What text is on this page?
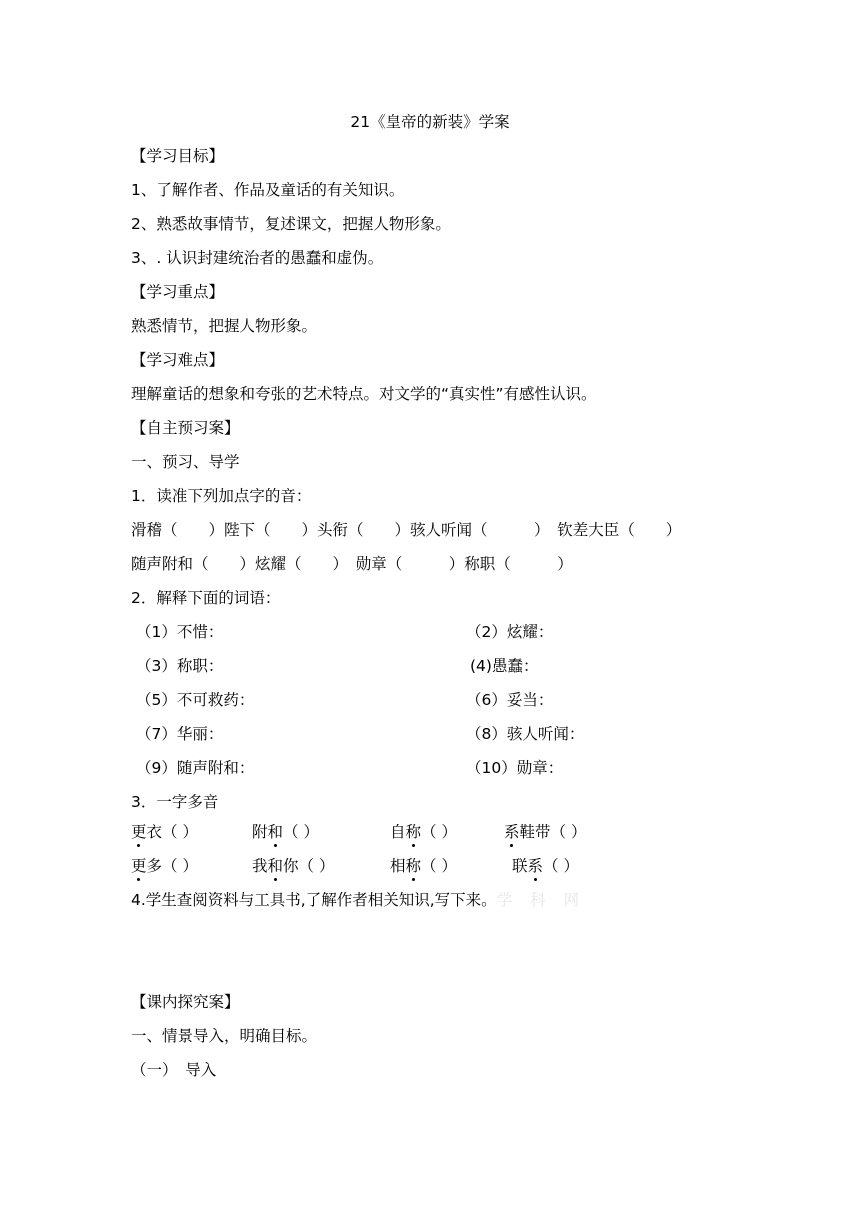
21《皇帝的新装》学案
【学习目标】
1、了解作者、作品及童话的有关知识。
2、熟悉故事情节，复述课文，把握人物形象。
3、. 认识封建统治者的愚蠢和虚伪。
【学习重点】
熟悉情节，把握人物形象。
【学习难点】
理解童话的想象和夸张的艺术特点。对文学的“真实性”有感性认识。
【自主预习案】
一、预习、导学
1．读准下列加点字的音：
滑稽（　　）陛下（　　）头衔（　　）骇人听闻（　　　）　钦差大臣（　　）
随声附和（　　）炫耀（　　）　勋章（　　　）称职（　　　）
2．解释下面的词语：
（1）不惜：	（2）炫耀：
（3）称职：	(4)愚蠢：
（5）不可救药：	（6）妥当：
（7）华丽：	（8）骇人听闻：
（9）随声附和：	（10）勋章：
3．一字多音
更衣（ ）	附和（ ）	自称（ ）	系鞋带（ ）
更多（ ）	我和你（ ）	相称（ ）	联系（ ）
4.学生查阅资料与工具书,了解作者相关知识,写下来。学科网
【课内探究案】
一、情景导入，明确目标。
（一）　导入
